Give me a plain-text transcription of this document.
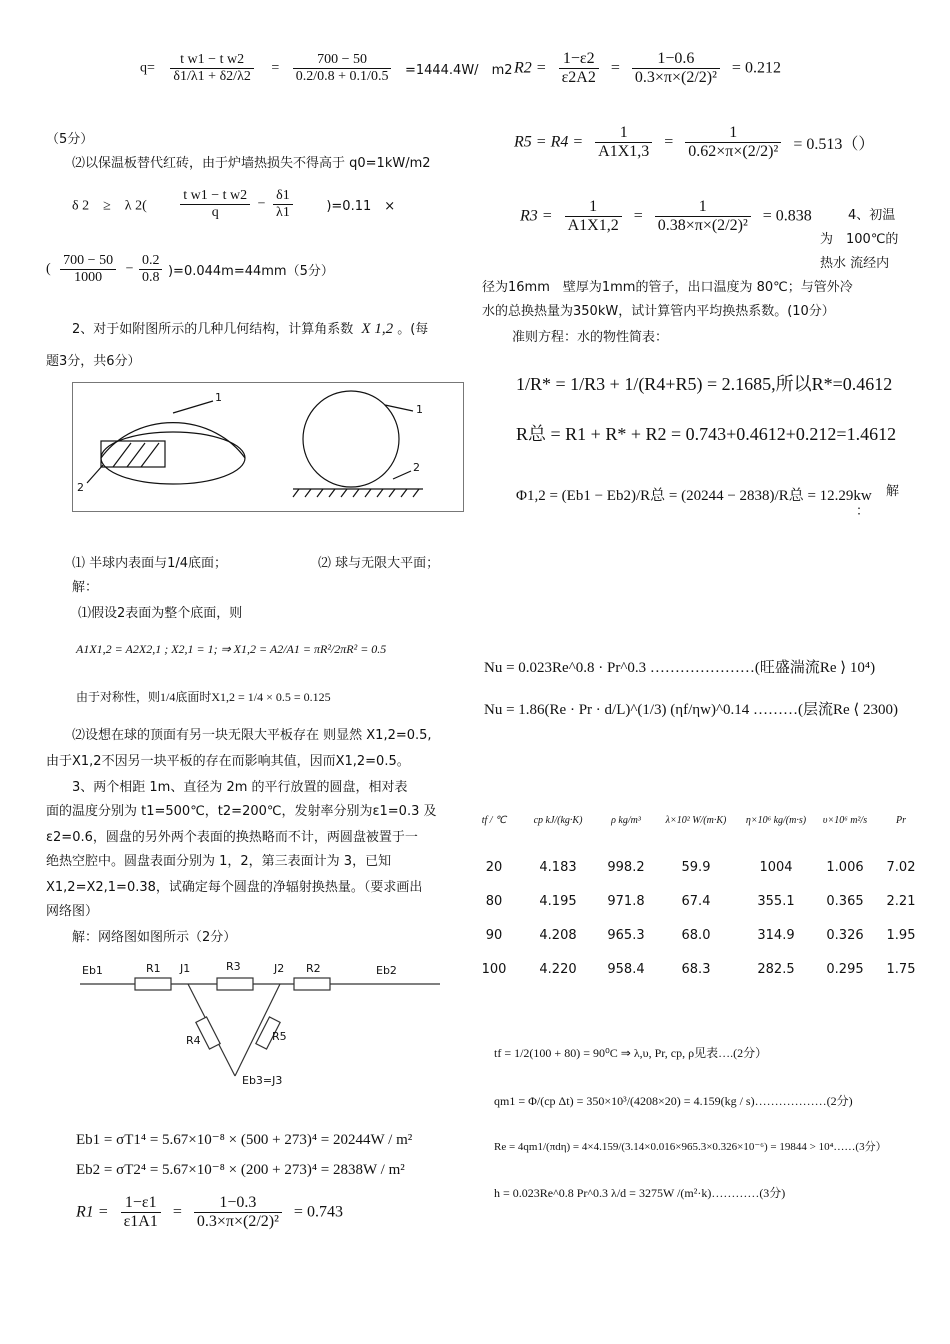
$q= \frac{\text{t w1 − t w2}}{\delta 1/\lambda 1 + \delta 2/\lambda 2} = \frac{700 - 50}{0.2/0.8 + 0.1/0.5} =1444.4W/$　m2
（5分）
⑵以保温板替代红砖，由于炉墙热损失不得高于 q0=1kW/m2
δ 2　≥　λ $2( \frac{\text{t w1 − t w2}}{q} - \frac{\delta 1}{\lambda 1}$	)=0.11　×
( $\frac{700 - 50}{1000} - \frac{0.2}{0.8} )=0.044m=44mm(5$分）
2、对于如附图所示的几种几何结构，计算角系数 X 1,2 。(每
题3分，共6分）
1
2
1
2
⑴ 半球内表面与1/4底面；	⑵ 球与无限大平面；
解：
⑴假设2表面为整个底面，则
A1X1,2 = A2X2,1 ; X2,1 = 1; ⇒ X1,2 = A2/A1 = πR²/2πR² = 0.5
由于对称性，则1/4底面时X1,2 = 1/4 × 0.5 = 0.125
⑵设想在球的顶面有另一块无限大平板存在 则显然 X1,2=0.5,
由于X1,2不因另一块平板的存在而影响其值，因而X1,2=0.5。
3、两个相距 1m、直径为 2m 的平行放置的圆盘，相对表
面的温度分别为 t1=500℃，t2=200℃，发射率分别为ε1=0.3 及
ε2=0.6，圆盘的另外两个表面的换热略而不计，两圆盘被置于一
绝热空腔中。圆盘表面分别为 1，2，第三表面计为 3，已知
X1,2=X2,1=0.38，试确定每个圆盘的净辐射换热量。（要求画出
网络图）
解：网络图如图所示（2分）
Eb1	R1 J1	R3	J2 R2	Eb2
R4	R5
Eb3=J3
Eb1 = σT1⁴ = 5.67×10⁻⁸ × (500 + 273)⁴ = 20244W / m²
Eb2 = σT2⁴ = 5.67×10⁻⁸ × (200 + 273)⁴ = 2838W / m²
$R1 = \frac{1-\varepsilon 1}{\varepsilon 1A1} = \frac{1-0.3}{\text{0.3×π×(2/2)²}} = 0.743$
$R2 = \frac{1-\varepsilon 2}{\varepsilon 2A2} = \frac{1-0.6}{\text{0.3×π×(2/2)²}} = 0.212$
$R5 = R4 = \frac{1}{A1X1,3} = \frac{1}{\text{0.62×π×(2/2)²}} = 0.513()$
$R3 = \frac{1}{A1X1,2} = \frac{1}{\text{0.38×π×(2/2)²}} = 0.838$	4、初温
为　100℃的
热水 流经内
径为16mm　壁厚为1mm的管子，出口温度为 80℃；与管外冷
水的总换热量为350kW，试计算管内平均换热系数。(10分）
准则方程：水的物性简表：
1/R* = 1/R3 + 1/(R4+R5) = 2.1685,所以R*=0.4612
R总 = R1 + R* + R2 = 0.743+0.4612+0.212=1.4612
Φ1,2 = (Eb1 − Eb2)/R总 = (20244 − 2838)/R总 = 12.29kw 解
：
Nu = 0.023Re^0.8 · Pr^0.3 …………………(旺盛湍流Re ⟩ 10⁴)
Nu = 1.86(Re · Pr · d/L)^(1/3) (ηf/ηw)^0.14 ………(层流Re ⟨ 2300)
tf / ℃	cp kJ/(kg·K)	ρ kg/m³	λ×10² W/(m·K)	η×10⁶ kg/(m·s)	υ×10⁶ m²/s	Pr
20	4.183	998.2	59.9	1004	1.006	7.02
80	4.195	971.8	67.4	355.1	0.365	2.21
90	4.208	965.3	68.0	314.9	0.326	1.95
100	4.220	958.4	68.3	282.5	0.295	1.75
tf = 1/2(100 + 80) = 90⁰C ⇒ λ,υ, Pr, cp, ρ见表….(2分）
qm1 = Φ/(cp Δt) = 350×10³/(4208×20) = 4.159(kg / s)………………(2分)
Re = 4qm1/(πdη) = 4×4.159/(3.14×0.016×965.3×0.326×10⁻⁶) = 19844 > 10⁴……(3分）
h = 0.023Re^0.8 Pr^0.3 λ/d = 3275W /(m²·k)…………(3分)
